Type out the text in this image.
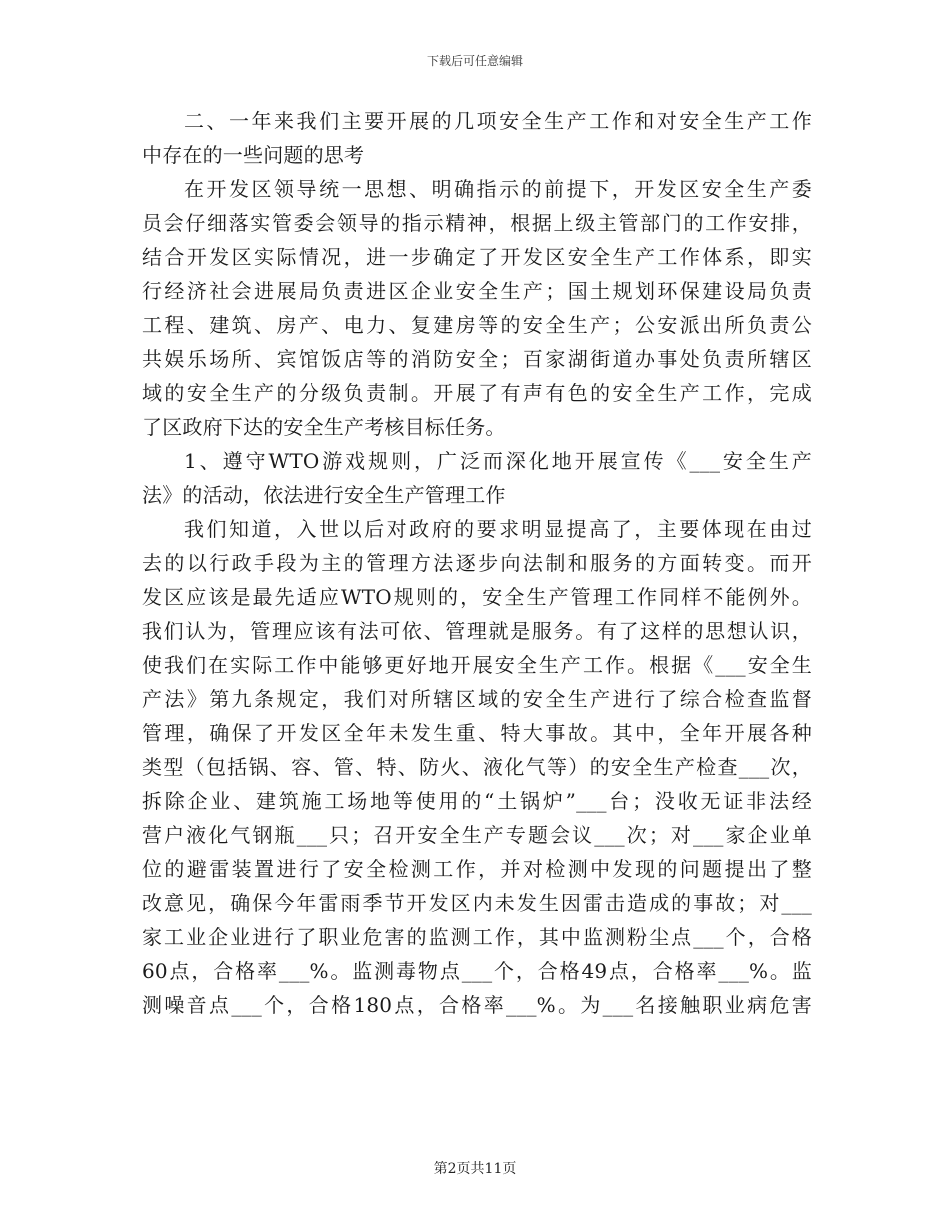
下载后可任意编辑
二、一年来我们主要开展的几项安全生产工作和对安全生产工作
中存在的一些问题的思考
在开发区领导统一思想、明确指示的前提下，开发区安全生产委
员会仔细落实管委会领导的指示精神，根据上级主管部门的工作安排，
结合开发区实际情况，进一步确定了开发区安全生产工作体系，即实
行经济社会进展局负责进区企业安全生产；国土规划环保建设局负责
工程、建筑、房产、电力、复建房等的安全生产；公安派出所负责公
共娱乐场所、宾馆饭店等的消防安全；百家湖街道办事处负责所辖区
域的安全生产的分级负责制。开展了有声有色的安全生产工作，完成
了区政府下达的安全生产考核目标任务。
1、遵守WTO游戏规则，广泛而深化地开展宣传《___安全生产
法》的活动，依法进行安全生产管理工作
我们知道，入世以后对政府的要求明显提高了，主要体现在由过
去的以行政手段为主的管理方法逐步向法制和服务的方面转变。而开
发区应该是最先适应WTO规则的，安全生产管理工作同样不能例外。
我们认为，管理应该有法可依、管理就是服务。有了这样的思想认识，
使我们在实际工作中能够更好地开展安全生产工作。根据《___安全生
产法》第九条规定，我们对所辖区域的安全生产进行了综合检查监督
管理，确保了开发区全年未发生重、特大事故。其中，全年开展各种
类型（包括锅、容、管、特、防火、液化气等）的安全生产检查___次，
拆除企业、建筑施工场地等使用的“土锅炉”___台；没收无证非法经
营户液化气钢瓶___只；召开安全生产专题会议___次；对___家企业单
位的避雷装置进行了安全检测工作，并对检测中发现的问题提出了整
改意见，确保今年雷雨季节开发区内未发生因雷击造成的事故；对___
家工业企业进行了职业危害的监测工作，其中监测粉尘点___个，合格
60点，合格率___%。监测毒物点___个，合格49点，合格率___%。监
测噪音点___个，合格180点，合格率___%。为___名接触职业病危害
第2页共11页
